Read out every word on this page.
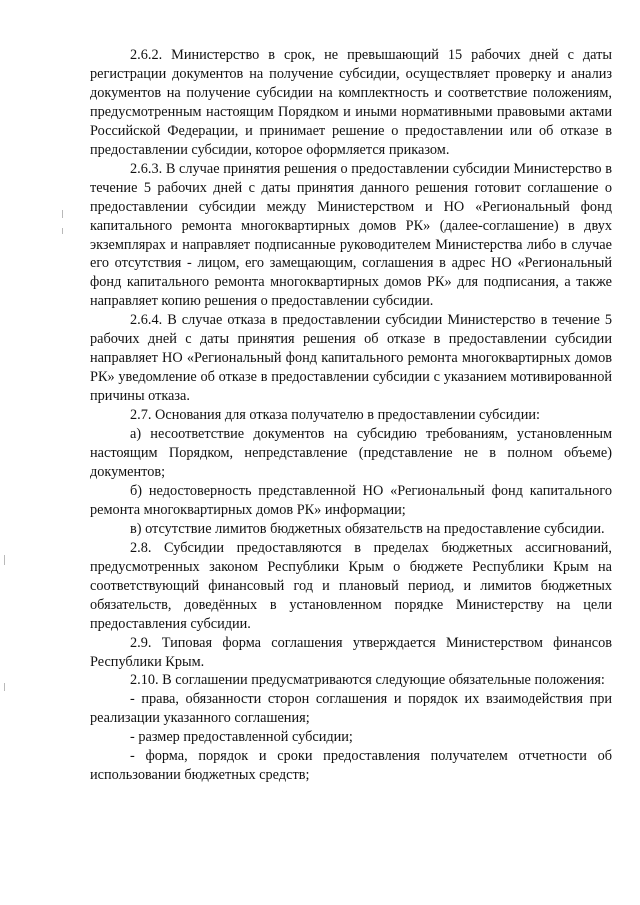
2.6.2. Министерство в срок, не превышающий 15 рабочих дней с даты регистрации документов на получение субсидии, осуществляет проверку и анализ документов на получение субсидии на комплектность и соответствие положениям, предусмотренным настоящим Порядком и иными нормативными правовыми актами Российской Федерации, и принимает решение о предоставлении или об отказе в предоставлении субсидии, которое оформляется приказом.

2.6.3. В случае принятия решения о предоставлении субсидии Министерство в течение 5 рабочих дней с даты принятия данного решения готовит соглашение о предоставлении субсидии между Министерством и НО «Региональный фонд капитального ремонта многоквартирных домов РК» (далее-соглашение) в двух экземплярах и направляет подписанные руководителем Министерства либо в случае его отсутствия - лицом, его замещающим, соглашения в адрес НО «Региональный фонд капитального ремонта многоквартирных домов РК» для подписания, а также направляет копию решения о предоставлении субсидии.

2.6.4. В случае отказа в предоставлении субсидии Министерство в течение 5 рабочих дней с даты принятия решения об отказе в предоставлении субсидии направляет НО «Региональный фонд капитального ремонта многоквартирных домов РК» уведомление об отказе в предоставлении субсидии с указанием мотивированной причины отказа.

2.7. Основания для отказа получателю в предоставлении субсидии:

а) несоответствие документов на субсидию требованиям, установленным настоящим Порядком, непредставление (представление не в полном объеме) документов;

б) недостоверность представленной НО «Региональный фонд капитального ремонта многоквартирных домов РК» информации;

в) отсутствие лимитов бюджетных обязательств на предоставление субсидии.

2.8. Субсидии предоставляются в пределах бюджетных ассигнований, предусмотренных законом Республики Крым о бюджете Республики Крым на соответствующий финансовый год и плановый период, и лимитов бюджетных обязательств, доведённых в установленном порядке Министерству на цели предоставления субсидии.

2.9. Типовая форма соглашения утверждается Министерством финансов Республики Крым.

2.10. В соглашении предусматриваются следующие обязательные положения:

- права, обязанности сторон соглашения и порядок их взаимодействия при реализации указанного соглашения;

- размер предоставленной субсидии;

- форма, порядок и сроки предоставления получателем отчетности об использовании бюджетных средств;
